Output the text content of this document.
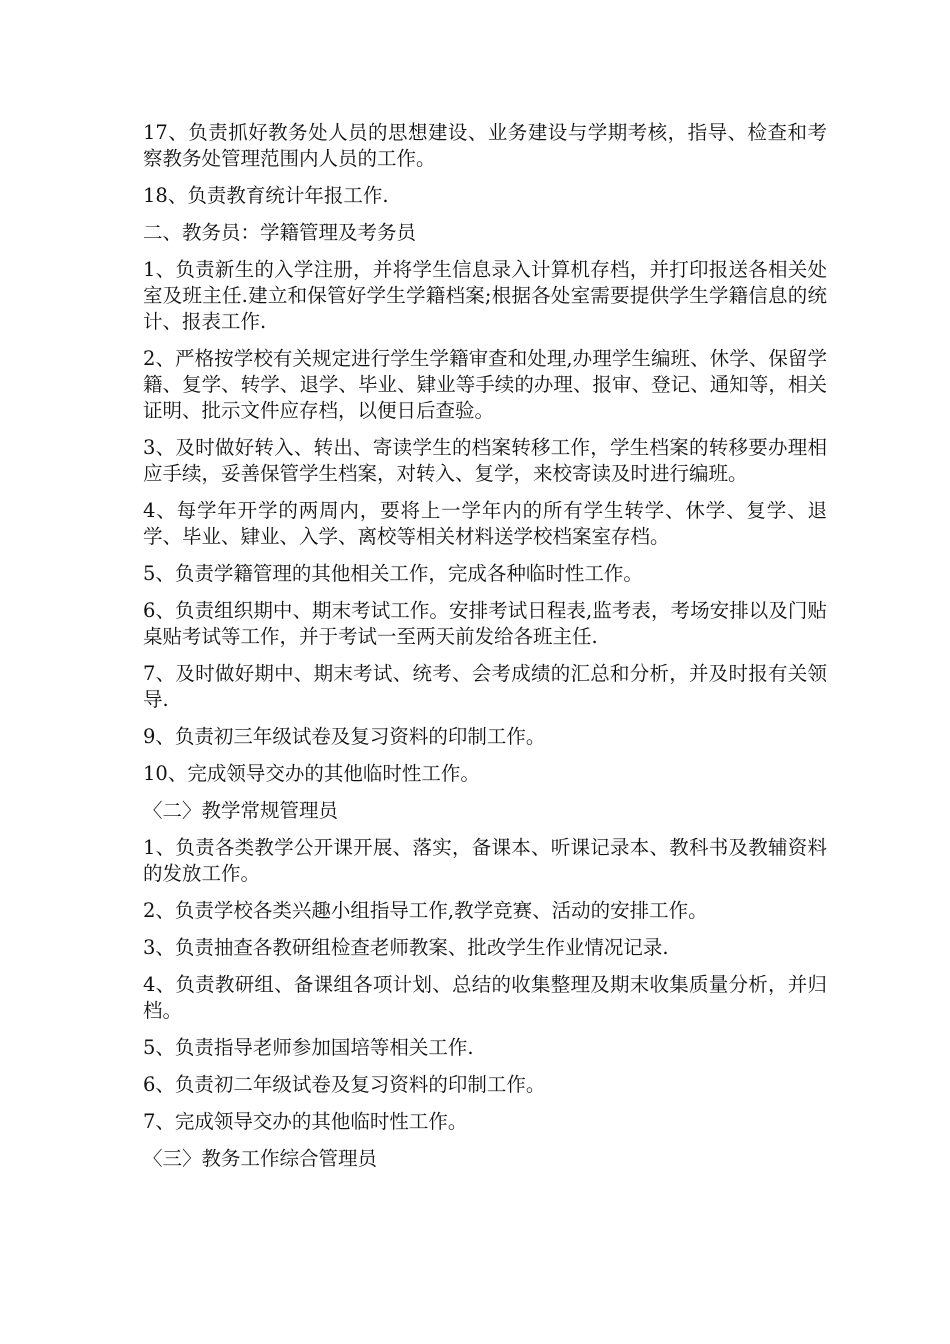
17、负责抓好教务处人员的思想建设、业务建设与学期考核，指导、检查和考察教务处管理范围内人员的工作。

18、负责教育统计年报工作.

二、教务员：学籍管理及考务员

1、负责新生的入学注册，并将学生信息录入计算机存档，并打印报送各相关处室及班主任.建立和保管好学生学籍档案;根据各处室需要提供学生学籍信息的统计、报表工作.

2、严格按学校有关规定进行学生学籍审查和处理,办理学生编班、休学、保留学籍、复学、转学、退学、毕业、肄业等手续的办理、报审、登记、通知等，相关证明、批示文件应存档，以便日后查验。

3、及时做好转入、转出、寄读学生的档案转移工作，学生档案的转移要办理相应手续，妥善保管学生档案，对转入、复学，来校寄读及时进行编班。

4、每学年开学的两周内，要将上一学年内的所有学生转学、休学、复学、退学、毕业、肄业、入学、离校等相关材料送学校档案室存档。

5、负责学籍管理的其他相关工作，完成各种临时性工作。

6、负责组织期中、期末考试工作。安排考试日程表,监考表，考场安排以及门贴桌贴考试等工作，并于考试一至两天前发给各班主任.

7、及时做好期中、期末考试、统考、会考成绩的汇总和分析，并及时报有关领导.

9、负责初三年级试卷及复习资料的印制工作。

10、完成领导交办的其他临时性工作。

〈二〉教学常规管理员

1、负责各类教学公开课开展、落实，备课本、听课记录本、教科书及教辅资料的发放工作。

2、负责学校各类兴趣小组指导工作,教学竞赛、活动的安排工作。

3、负责抽查各教研组检查老师教案、批改学生作业情况记录.

4、负责教研组、备课组各项计划、总结的收集整理及期末收集质量分析，并归档。

5、负责指导老师参加国培等相关工作.

6、负责初二年级试卷及复习资料的印制工作。

7、完成领导交办的其他临时性工作。

〈三〉教务工作综合管理员
